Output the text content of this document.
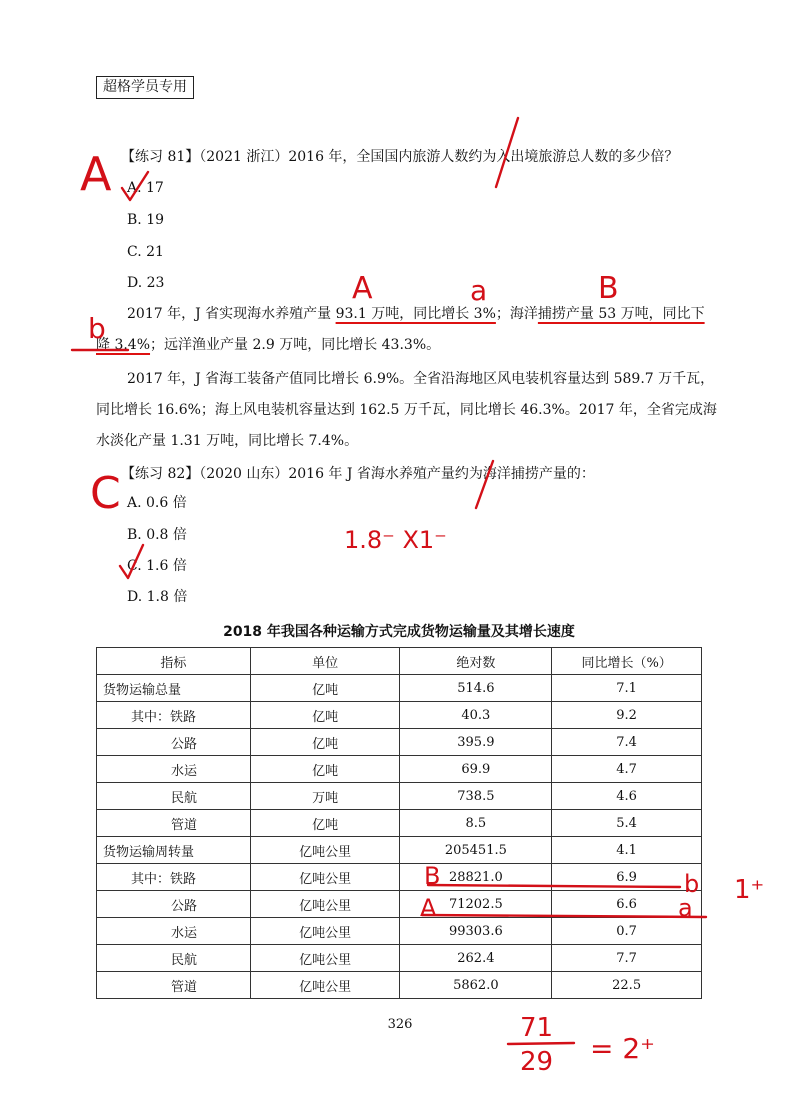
超格学员专用
【练习 81】（2021 浙江）2016 年，全国国内旅游人数约为入出境旅游总人数的多少倍？
A. 17
B. 19
C. 21
D. 23
2017 年，J 省实现海水养殖产量 93.1 万吨，同比增长 3%；海洋捕捞产量 53 万吨，同比下
降 3.4%；远洋渔业产量 2.9 万吨，同比增长 43.3%。
2017 年，J 省海工装备产值同比增长 6.9%。全省沿海地区风电装机容量达到 589.7 万千瓦，
同比增长 16.6%；海上风电装机容量达到 162.5 万千瓦，同比增长 46.3%。2017 年，全省完成海
水淡化产量 1.31 万吨，同比增长 7.4%。
【练习 82】（2020 山东）2016 年 J 省海水养殖产量约为海洋捕捞产量的：
A. 0.6 倍
B. 0.8 倍
C. 1.6 倍
D. 1.8 倍
2018 年我国各种运输方式完成货物运输量及其增长速度
指标	单位	绝对数	同比增长（%）
货物运输总量	亿吨	514.6	7.1
其中：铁路	亿吨	40.3	9.2
公路	亿吨	395.9	7.4
水运	亿吨	69.9	4.7
民航	万吨	738.5	4.6
管道	亿吨	8.5	5.4
货物运输周转量	亿吨公里	205451.5	4.1
其中：铁路	亿吨公里	28821.0	6.9
公路	亿吨公里	71202.5	6.6
水运	亿吨公里	99303.6	0.7
民航	亿吨公里	262.4	7.7
管道	亿吨公里	5862.0	22.5
326
A
A	a	B
b
C
1.8⁻ X1⁻
B
A
b
a
1⁺
71
29 = 2⁺
